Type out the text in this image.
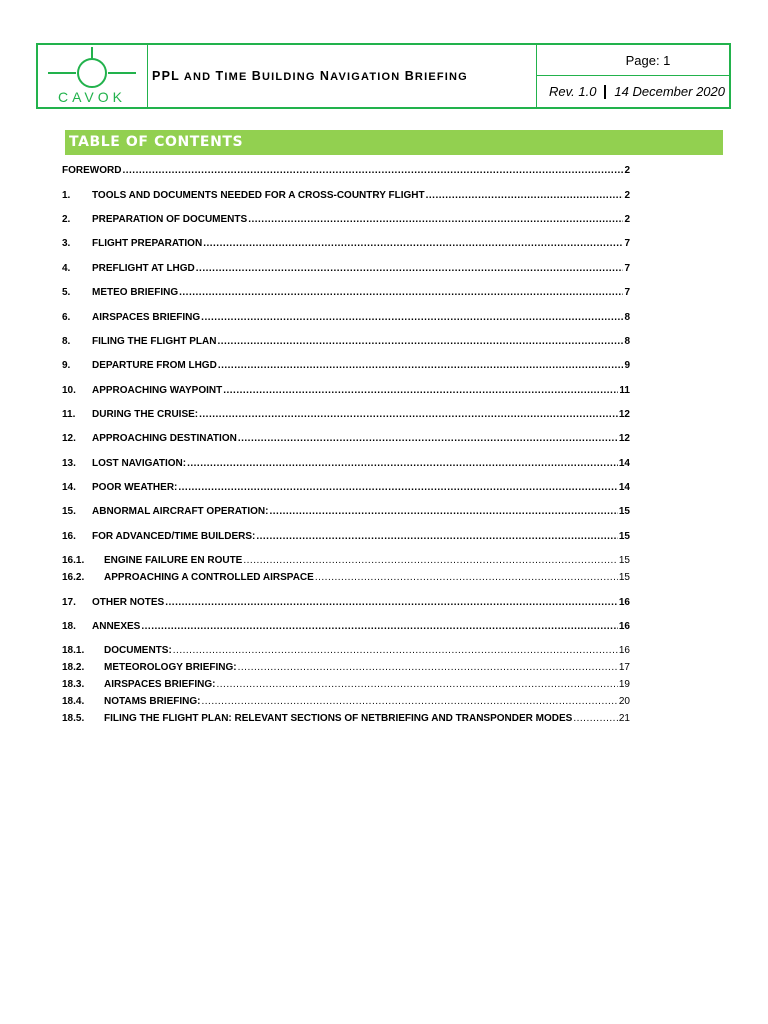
CAVOK
PPL AND TIME BUILDING NAVIGATION BRIEFING
Page: 1
Rev. 1.0 14 December 2020
TABLE OF CONTENTS
FOREWORD .....	2
1.	TOOLS AND DOCUMENTS NEEDED FOR A CROSS-COUNTRY FLIGHT .....	2
2.	PREPARATION OF DOCUMENTS .....	2
3.	FLIGHT PREPARATION .....	7
4.	PREFLIGHT AT LHGD .....	7
5.	METEO BRIEFING .....	7
6.	AIRSPACES BRIEFING .....	8
8.	FILING THE FLIGHT PLAN .....	8
9.	DEPARTURE FROM LHGD .....	9
10.	APPROACHING WAYPOINT .....	11
11.	DURING THE CRUISE: .....	12
12.	APPROACHING DESTINATION .....	12
13.	LOST NAVIGATION: .....	14
14.	POOR WEATHER: .....	14
15.	ABNORMAL AIRCRAFT OPERATION: .....	15
16.	FOR ADVANCED/TIME BUILDERS: .....	15
16.1.	ENGINE FAILURE EN ROUTE .....	15
16.2.	APPROACHING A CONTROLLED AIRSPACE .....	15
17.	OTHER NOTES .....	16
18.	ANNEXES .....	16
18.1.	DOCUMENTS: .....	16
18.2.	METEOROLOGY BRIEFING: .....	17
18.3.	AIRSPACES BRIEFING: .....	19
18.4.	NOTAMS BRIEFING: .....	20
18.5.	FILING THE FLIGHT PLAN: RELEVANT SECTIONS OF NETBRIEFING AND TRANSPONDER MODES .....	21
